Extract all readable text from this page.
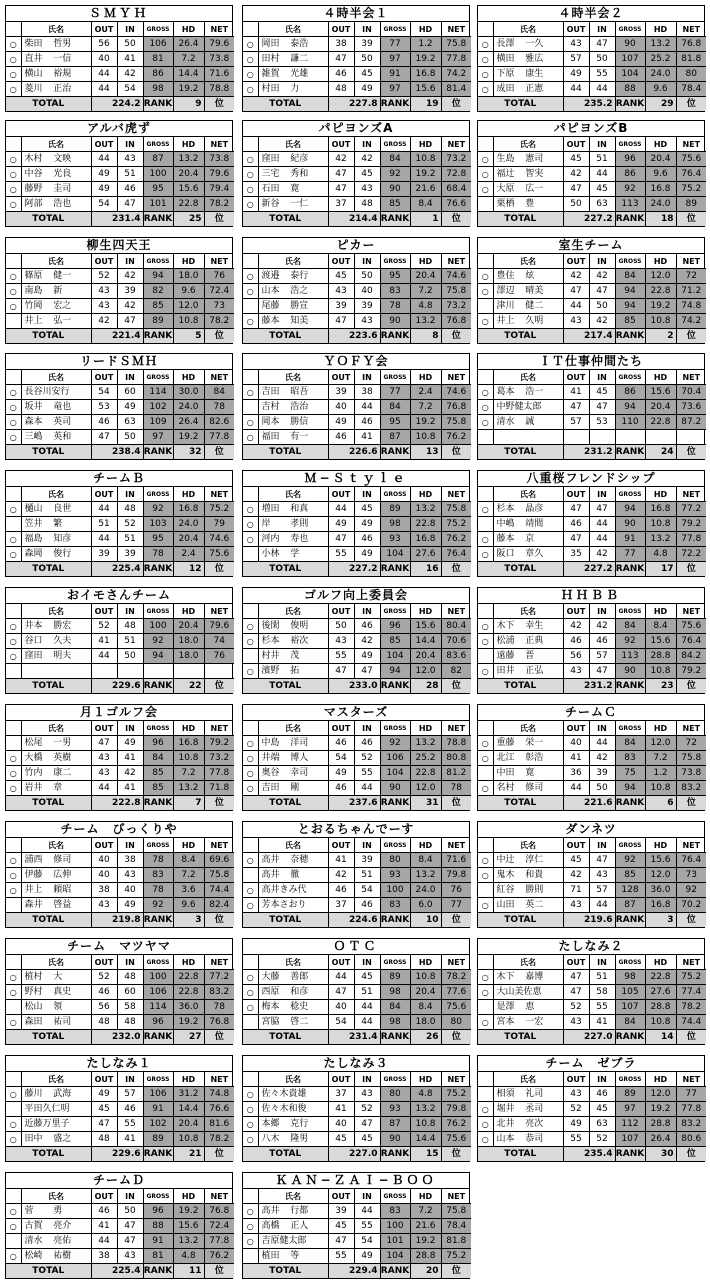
ＳＭＹＨ
	氏名	OUT	IN	GROSS	HD	NET
○	柴田 哲男	56	50	106	26.4	79.6
○	直井 一信	40	41	81	7.2	73.8
○	横山 裕規	44	42	86	14.4	71.6
○	菱川 正治	44	54	98	19.2	78.8
TOTAL		224.2		RANK	9	位
４時半会１
	氏名	OUT	IN	GROSS	HD	NET
○	岡田 泰浩	38	39	77	1.2	75.8
○	田村 謙二	47	50	97	19.2	77.8
○	雑賀 光雄	46	45	91	16.8	74.2
○	村田 力	48	49	97	15.6	81.4
TOTAL		227.8		RANK	19	位
４時半会２
	氏名	OUT	IN	GROSS	HD	NET
○	長澤 一久	43	47	90	13.2	76.8
○	横田 雅広	57	50	107	25.2	81.8
○	下原 康生	49	55	104	24.0	80
○	成田 正憲	44	44	88	9.6	78.4
TOTAL		235.2		RANK	29	位
アルバ虎ず
	氏名	OUT	IN	GROSS	HD	NET
○	木村 文映	44	43	87	13.2	73.8
○	中谷 光良	49	51	100	20.4	79.6
○	藤野 圭司	49	46	95	15.6	79.4
○	阿部 浩也	54	47	101	22.8	78.2
TOTAL		231.4		RANK	25	位
パピヨンズA
	氏名	OUT	IN	GROSS	HD	NET
○	窪田 紀彦	42	42	84	10.8	73.2
○	三宅 秀和	47	45	92	19.2	72.8
○	石田 寛	47	43	90	21.6	68.4
○	新谷 一仁	37	48	85	8.4	76.6
TOTAL		214.4		RANK	1	位
パピヨンズB
	氏名	OUT	IN	GROSS	HD	NET
○	生島 憲司	45	51	96	20.4	75.6
○	福辻 智実	42	44	86	9.6	76.4
○	大原 広一	47	45	92	16.8	75.2
	栗栖 豊	50	63	113	24.0	89
TOTAL		227.2		RANK	18	位
柳生四天王
	氏名	OUT	IN	GROSS	HD	NET
○	篠原 健一	52	42	94	18.0	76
○	南島 新	43	39	82	9.6	72.4
○	竹岡 宏之	43	42	85	12.0	73
	井上 弘一	42	47	89	10.8	78.2
TOTAL		221.4		RANK	5	位
ピカー
	氏名	OUT	IN	GROSS	HD	NET
○	渡邉 泰行	45	50	95	20.4	74.6
○	山本 浩之	43	40	83	7.2	75.8
	尾藤 勝宣	39	39	78	4.8	73.2
○	藤本 知美	47	43	90	13.2	76.8
TOTAL		223.6		RANK	8	位
室生チーム
	氏名	OUT	IN	GROSS	HD	NET
○	豊住 炫	42	42	84	12.0	72
○	澤辺 晴美	47	47	94	22.8	71.2
	津川 健二	44	50	94	19.2	74.8
○	井上 久明	43	42	85	10.8	74.2
TOTAL		217.4		RANK	2	位
リードＳＭＨ
	氏名	OUT	IN	GROSS	HD	NET
○	長谷川安行	54	60	114	30.0	84
○	坂井 竜也	53	49	102	24.0	78
○	森本 英司	46	63	109	26.4	82.6
○	三嶋 英和	47	50	97	19.2	77.8
TOTAL		238.4		RANK	32	位
ＹＯＦＹ会
	氏名	OUT	IN	GROSS	HD	NET
○	吉田 昭吾	39	38	77	2.4	74.6
	吉村 浩治	40	44	84	7.2	76.8
○	岡本 勝信	49	46	95	19.2	75.8
○	福田 有一	46	41	87	10.8	76.2
TOTAL		226.6		RANK	13	位
ＩＴ仕事仲間たち
	氏名	OUT	IN	GROSS	HD	NET
○	葛本 浩一	41	45	86	15.6	70.4
○	中野健太郎	47	47	94	20.4	73.6
○	清水 誠	57	53	110	22.8	87.2

TOTAL		231.2		RANK	24	位
チームＢ
	氏名	OUT	IN	GROSS	HD	NET
○	樋山 良世	44	48	92	16.8	75.2
	笠井 繁	51	52	103	24.0	79
○	福島 知彦	44	51	95	20.4	74.6
○	森岡 俊行	39	39	78	2.4	75.6
TOTAL		225.4		RANK	12	位
Ｍ−Ｓｔｙｌｅ
	氏名	OUT	IN	GROSS	HD	NET
○	増田 和真	44	45	89	13.2	75.8
○	岸 孝則	49	49	98	22.8	75.2
○	河内 寿也	47	46	93	16.8	76.2
	小林 学	55	49	104	27.6	76.4
TOTAL		227.2		RANK	16	位
八重桜フレンドシップ
	氏名	OUT	IN	GROSS	HD	NET
○	杉本 晶彦	47	47	94	16.8	77.2
	中嶋 靖間	46	44	90	10.8	79.2
○	藤本 京	47	44	91	13.2	77.8
○	阪口 章久	35	42	77	4.8	72.2
TOTAL		227.2		RANK	17	位
おイモさんチーム
	氏名	OUT	IN	GROSS	HD	NET
○	井本 勝宏	52	48	100	20.4	79.6
○	谷口 久夫	41	51	92	18.0	74
○	窪田 明夫	44	50	94	18.0	76

TOTAL		229.6		RANK	22	位
ゴルフ向上委員会
	氏名	OUT	IN	GROSS	HD	NET
○	後閑 俊明	50	46	96	15.6	80.4
○	杉本 裕次	43	42	85	14.4	70.6
	村井 茂	55	49	104	20.4	83.6
○	濱野 拓	47	47	94	12.0	82
TOTAL		233.0		RANK	28	位
ＨＨＢＢ
	氏名	OUT	IN	GROSS	HD	NET
○	木下 幸生	42	42	84	8.4	75.6
○	松浦 正典	46	46	92	15.6	76.4
	遠藤 晋	56	57	113	28.8	84.2
○	田井 正弘	43	47	90	10.8	79.2
TOTAL		231.2		RANK	23	位
月１ゴルフ会
	氏名	OUT	IN	GROSS	HD	NET
	松尾 一男	47	49	96	16.8	79.2
○	大橋 英樹	43	41	84	10.8	73.2
○	竹内 康二	43	42	85	7.2	77.8
○	岩井 章	44	41	85	13.2	71.8
TOTAL		222.8		RANK	7	位
マスターズ
	氏名	OUT	IN	GROSS	HD	NET
○	中島 洋司	46	46	92	13.2	78.8
○	井端 博人	54	52	106	25.2	80.8
○	奥谷 幸司	49	55	104	22.8	81.2
○	吉田 剛	46	44	90	12.0	78
TOTAL		237.6		RANK	31	位
チームＣ
	氏名	OUT	IN	GROSS	HD	NET
○	重藤 栄一	40	44	84	12.0	72
○	北江 彰浩	41	42	83	7.2	75.8
	中田 寛	36	39	75	1.2	73.8
○	名村 修司	44	50	94	10.8	83.2
TOTAL		221.6		RANK	6	位
チーム　びっくりや
	氏名	OUT	IN	GROSS	HD	NET
○	浦西 修司	40	38	78	8.4	69.6
○	伊藤 広伸	40	43	83	7.2	75.8
○	井上 頼昭	38	40	78	3.6	74.4
	森井 啓益	43	49	92	9.6	82.4
TOTAL		219.8		RANK	3	位
とおるちゃんでーす
	氏名	OUT	IN	GROSS	HD	NET
○	高井 奈穂	41	39	80	8.4	71.6
	高井 徹	42	51	93	13.2	79.8
○	高井きみ代	46	54	100	24.0	76
○	芳本さおり	37	46	83	6.0	77
TOTAL		224.6		RANK	10	位
ダンネツ
	氏名	OUT	IN	GROSS	HD	NET
○	中辻 淳仁	45	47	92	15.6	76.4
○	鬼木 和貴	42	43	85	12.0	73
	紅谷 勝則	71	57	128	36.0	92
○	山田 英二	43	44	87	16.8	70.2
TOTAL		219.6		RANK	3	位
チーム　マツヤマ
	氏名	OUT	IN	GROSS	HD	NET
○	植村 大	52	48	100	22.8	77.2
○	野村 真史	46	60	106	22.8	83.2
	松山 領	56	58	114	36.0	78
○	森田 祐司	48	48	96	19.2	76.8
TOTAL		232.0		RANK	27	位
ＯＴＣ
	氏名	OUT	IN	GROSS	HD	NET
○	大藤 善郎	44	45	89	10.8	78.2
○	西原 和彦	47	51	98	20.4	77.6
○	梅本 稔史	40	44	84	8.4	75.6
	宮脇 啓二	54	44	98	18.0	80
TOTAL		231.4		RANK	26	位
たしなみ２
	氏名	OUT	IN	GROSS	HD	NET
○	木下 嘉博	47	51	98	22.8	75.2
○	大山美佐恵	47	58	105	27.6	77.4
	是澤 恵	52	55	107	28.8	78.2
○	宮本 一宏	43	41	84	10.8	74.4
TOTAL		227.0		RANK	14	位
たしなみ１
	氏名	OUT	IN	GROSS	HD	NET
○	藤川 武海	49	57	106	31.2	74.8
	平田久仁明	45	46	91	14.4	76.6
○	近藤万里子	47	55	102	20.4	81.6
○	田中 盛之	48	41	89	10.8	78.2
TOTAL		229.6		RANK	21	位
たしなみ３
	氏名	OUT	IN	GROSS	HD	NET
○	佐々木貴雄	37	43	80	4.8	75.2
○	佐々木和俊	41	52	93	13.2	79.8
○	本郷 克行	40	47	87	10.8	76.2
○	八木 隆男	45	45	90	14.4	75.6
TOTAL		227.0		RANK	15	位
チーム　ゼブラ
	氏名	OUT	IN	GROSS	HD	NET
	相須 礼司	43	46	89	12.0	77
○	堀井 丞司	52	45	97	19.2	77.8
○	北井 亮次	49	63	112	28.8	83.2
○	山本 恭司	55	52	107	26.4	80.6
TOTAL		235.4		RANK	30	位
チームＤ
	氏名	OUT	IN	GROSS	HD	NET
○	菅 勇	46	50	96	19.2	76.8
○	古賀 亮介	41	47	88	15.6	72.4
	清水 亮佑	44	47	91	13.2	77.8
○	松崎 祐樹	38	43	81	4.8	76.2
TOTAL		225.4		RANK	11	位
ＫＡＮ−ＺＡＩ−ＢＯＯ
	氏名	OUT	IN	GROSS	HD	NET
○	高井 行都	39	44	83	7.2	75.8
○	高橋 正人	45	55	100	21.6	78.4
○	吉原健太郎	47	54	101	19.2	81.8
	植田 等	55	49	104	28.8	75.2
TOTAL		229.4		RANK	20	位
